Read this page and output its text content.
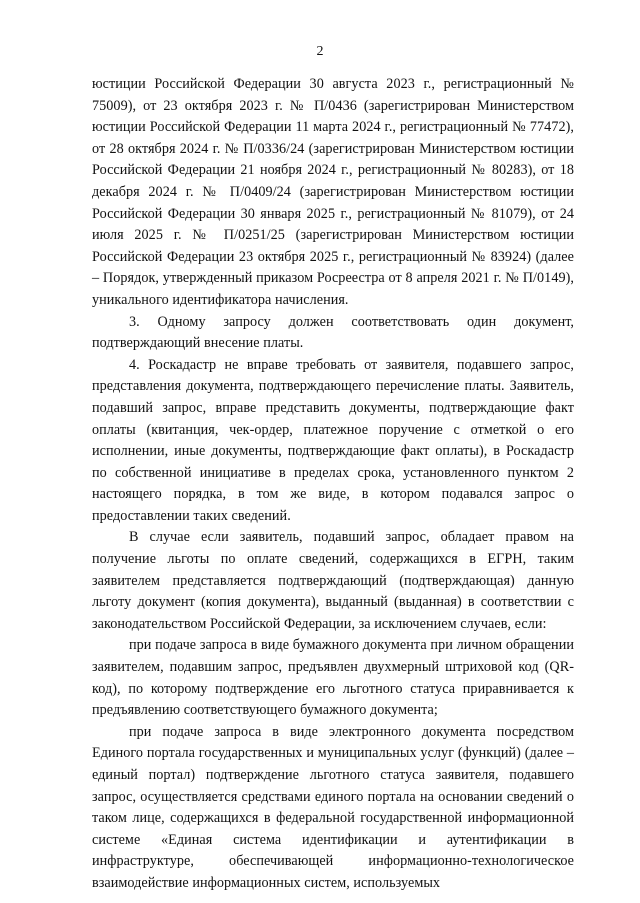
2

юстиции Российской Федерации 30 августа 2023 г., регистрационный № 75009), от 23 октября 2023 г. № П/0436 (зарегистрирован Министерством юстиции Российской Федерации 11 марта 2024 г., регистрационный № 77472), от 28 октября 2024 г. № П/0336/24 (зарегистрирован Министерством юстиции Российской Федерации 21 ноября 2024 г., регистрационный № 80283), от 18 декабря 2024 г. № П/0409/24 (зарегистрирован Министерством юстиции Российской Федерации 30 января 2025 г., регистрационный № 81079), от 24 июля 2025 г. № П/0251/25 (зарегистрирован Министерством юстиции Российской Федерации 23 октября 2025 г., регистрационный № 83924) (далее – Порядок, утвержденный приказом Росреестра от 8 апреля 2021 г. № П/0149), уникального идентификатора начисления.

3. Одному запросу должен соответствовать один документ, подтверждающий внесение платы.

4. Роскадастр не вправе требовать от заявителя, подавшего запрос, представления документа, подтверждающего перечисление платы. Заявитель, подавший запрос, вправе представить документы, подтверждающие факт оплаты (квитанция, чек-ордер, платежное поручение с отметкой о его исполнении, иные документы, подтверждающие факт оплаты), в Роскадастр по собственной инициативе в пределах срока, установленного пунктом 2 настоящего порядка, в том же виде, в котором подавался запрос о предоставлении таких сведений.

В случае если заявитель, подавший запрос, обладает правом на получение льготы по оплате сведений, содержащихся в ЕГРН, таким заявителем представляется подтверждающий (подтверждающая) данную льготу документ (копия документа), выданный (выданная) в соответствии с законодательством Российской Федерации, за исключением случаев, если:

при подаче запроса в виде бумажного документа при личном обращении заявителем, подавшим запрос, предъявлен двухмерный штриховой код (QR-код), по которому подтверждение его льготного статуса приравнивается к предъявлению соответствующего бумажного документа;

при подаче запроса в виде электронного документа посредством Единого портала государственных и муниципальных услуг (функций) (далее – единый портал) подтверждение льготного статуса заявителя, подавшего запрос, осуществляется средствами единого портала на основании сведений о таком лице, содержащихся в федеральной государственной информационной системе «Единая система идентификации и аутентификации в инфраструктуре, обеспечивающей информационно-технологическое взаимодействие информационных систем, используемых
